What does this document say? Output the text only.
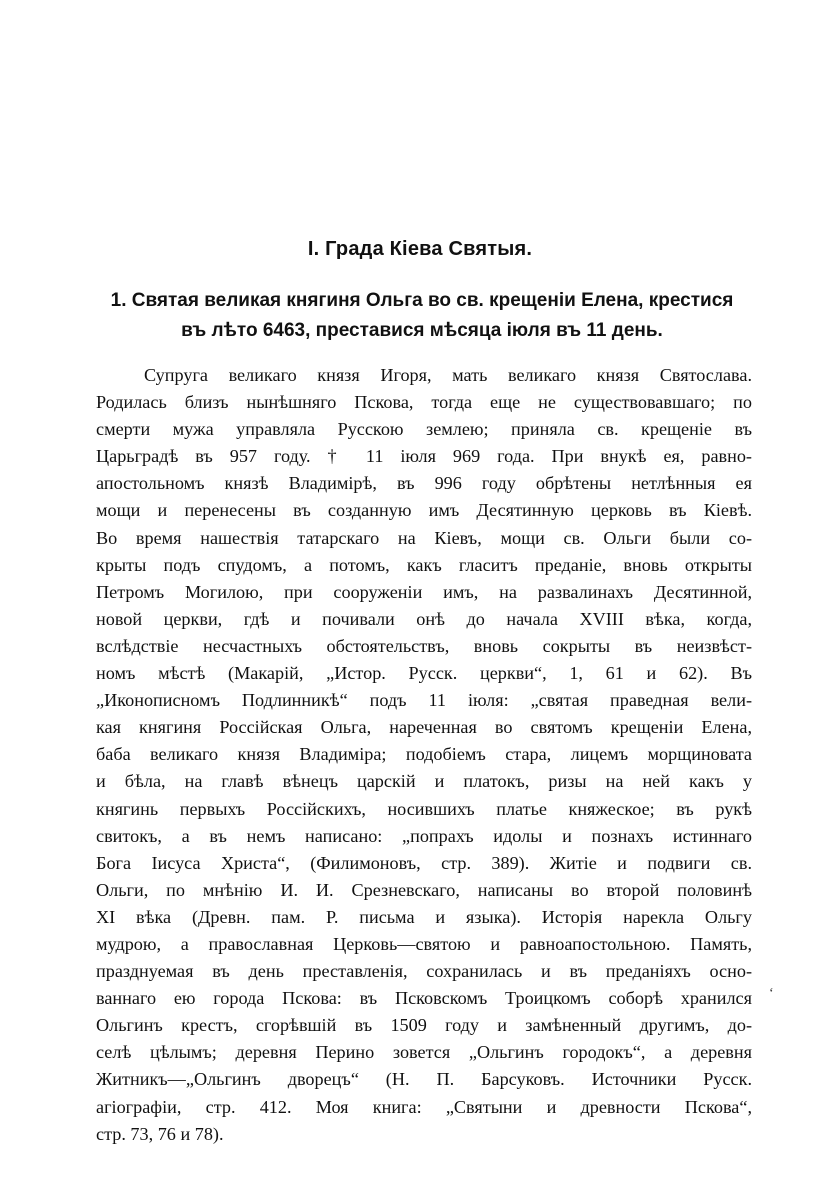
I. Града Кіева Святыя.
1. Святая великая княгиня Ольга во св. крещеніи Елена, крестися
въ лѣто 6463, преставися мѣсяца іюля въ 11 день.
Супруга великаго князя Игоря, мать великаго князя Святослава.
Родилась близъ нынѣшняго Пскова, тогда еще не существовавшаго; по
смерти мужа управляла Русскою землею; приняла св. крещеніе въ
Царьградѣ въ 957 году. † 11 іюля 969 года. При внукѣ ея, равно-
апостольномъ князѣ Владимірѣ, въ 996 году обрѣтены нетлѣнныя ея
мощи и перенесены въ созданную имъ Десятинную церковь въ Кіевѣ.
Во время нашествія татарскаго на Кіевъ, мощи св. Ольги были со-
крыты подъ спудомъ, а потомъ, какъ гласитъ преданіе, вновь открыты
Петромъ Могилою, при сооруженіи имъ, на развалинахъ Десятинной,
новой церкви, гдѣ и почивали онѣ до начала XVIII вѣка, когда,
вслѣдствіе несчастныхъ обстоятельствъ, вновь сокрыты въ неизвѣст-
номъ мѣстѣ (Макарій, „Истор. Русск. церкви“, 1, 61 и 62). Въ
„Иконописномъ Подлинникѣ“ подъ 11 іюля: „святая праведная вели-
кая княгиня Россійская Ольга, нареченная во святомъ крещеніи Елена,
баба великаго князя Владиміра; подобіемъ стара, лицемъ морщиновата
и бѣла, на главѣ вѣнецъ царскій и платокъ, ризы на ней какъ у
княгинь первыхъ Россійскихъ, носившихъ платье княжеское; въ рукѣ
свитокъ, а въ немъ написано: „попрахъ идолы и познахъ истиннаго
Бога Іисуса Христа“, (Филимоновъ, стр. 389). Житіе и подвиги св.
Ольги, по мнѣнію И. И. Срезневскаго, написаны во второй половинѣ
XI вѣка (Древн. пам. Р. письма и языка). Исторія нарекла Ольгу
мудрою, а православная Церковь—святою и равноапостольною. Память,
празднуемая въ день преставленія, сохранилась и въ преданіяхъ осно-
ваннаго ею города Пскова: въ Псковскомъ Троицкомъ соборѣ хранился
Ольгинъ крестъ, сгорѣвшій въ 1509 году и замѣненный другимъ, до-
селѣ цѣлымъ; деревня Перино зовется „Ольгинъ городокъ“, а деревня
Житникъ—„Ольгинъ дворецъ“ (Н. П. Барсуковъ. Источники Русск.
агіографіи, стр. 412. Моя книга: „Святыни и древности Пскова“,
стр. 73, 76 и 78).
‘
